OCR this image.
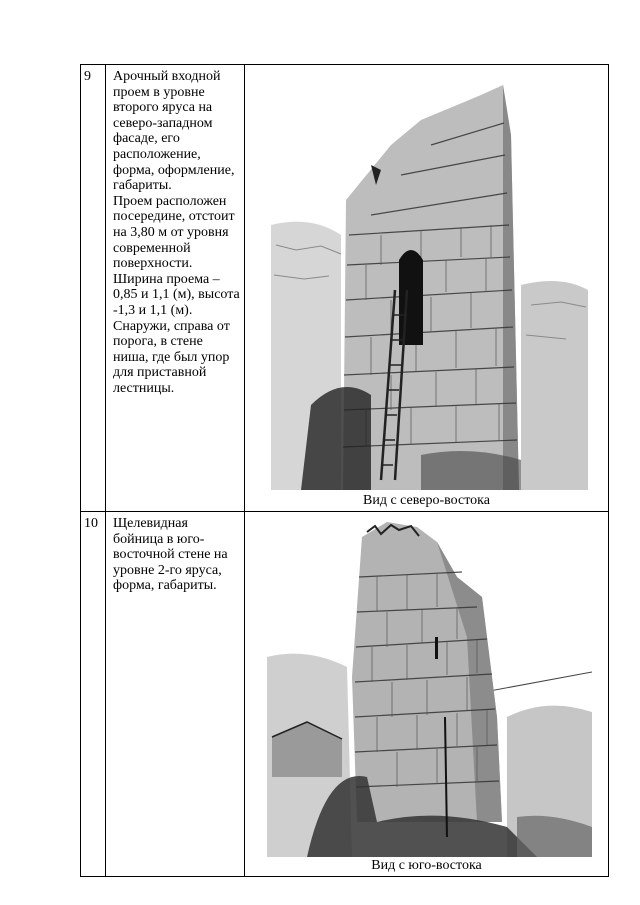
9	Арочный входной проем в уровне второго яруса на северо-западном фасаде, его расположение, форма, оформление, габариты.

Проем расположен посередине, отстоит на 3,80 м от уровня современной поверхности. Ширина проема – 0,85 и 1,1 (м), высота -1,3 и 1,1 (м). Снаружи, справа от порога, в стене ниша, где был упор для приставной лестницы.

Вид с северо-востока
10	Щелевидная бойница в юго-восточной стене на уровне 2-го яруса, форма, габариты.

Вид с юго-востока
